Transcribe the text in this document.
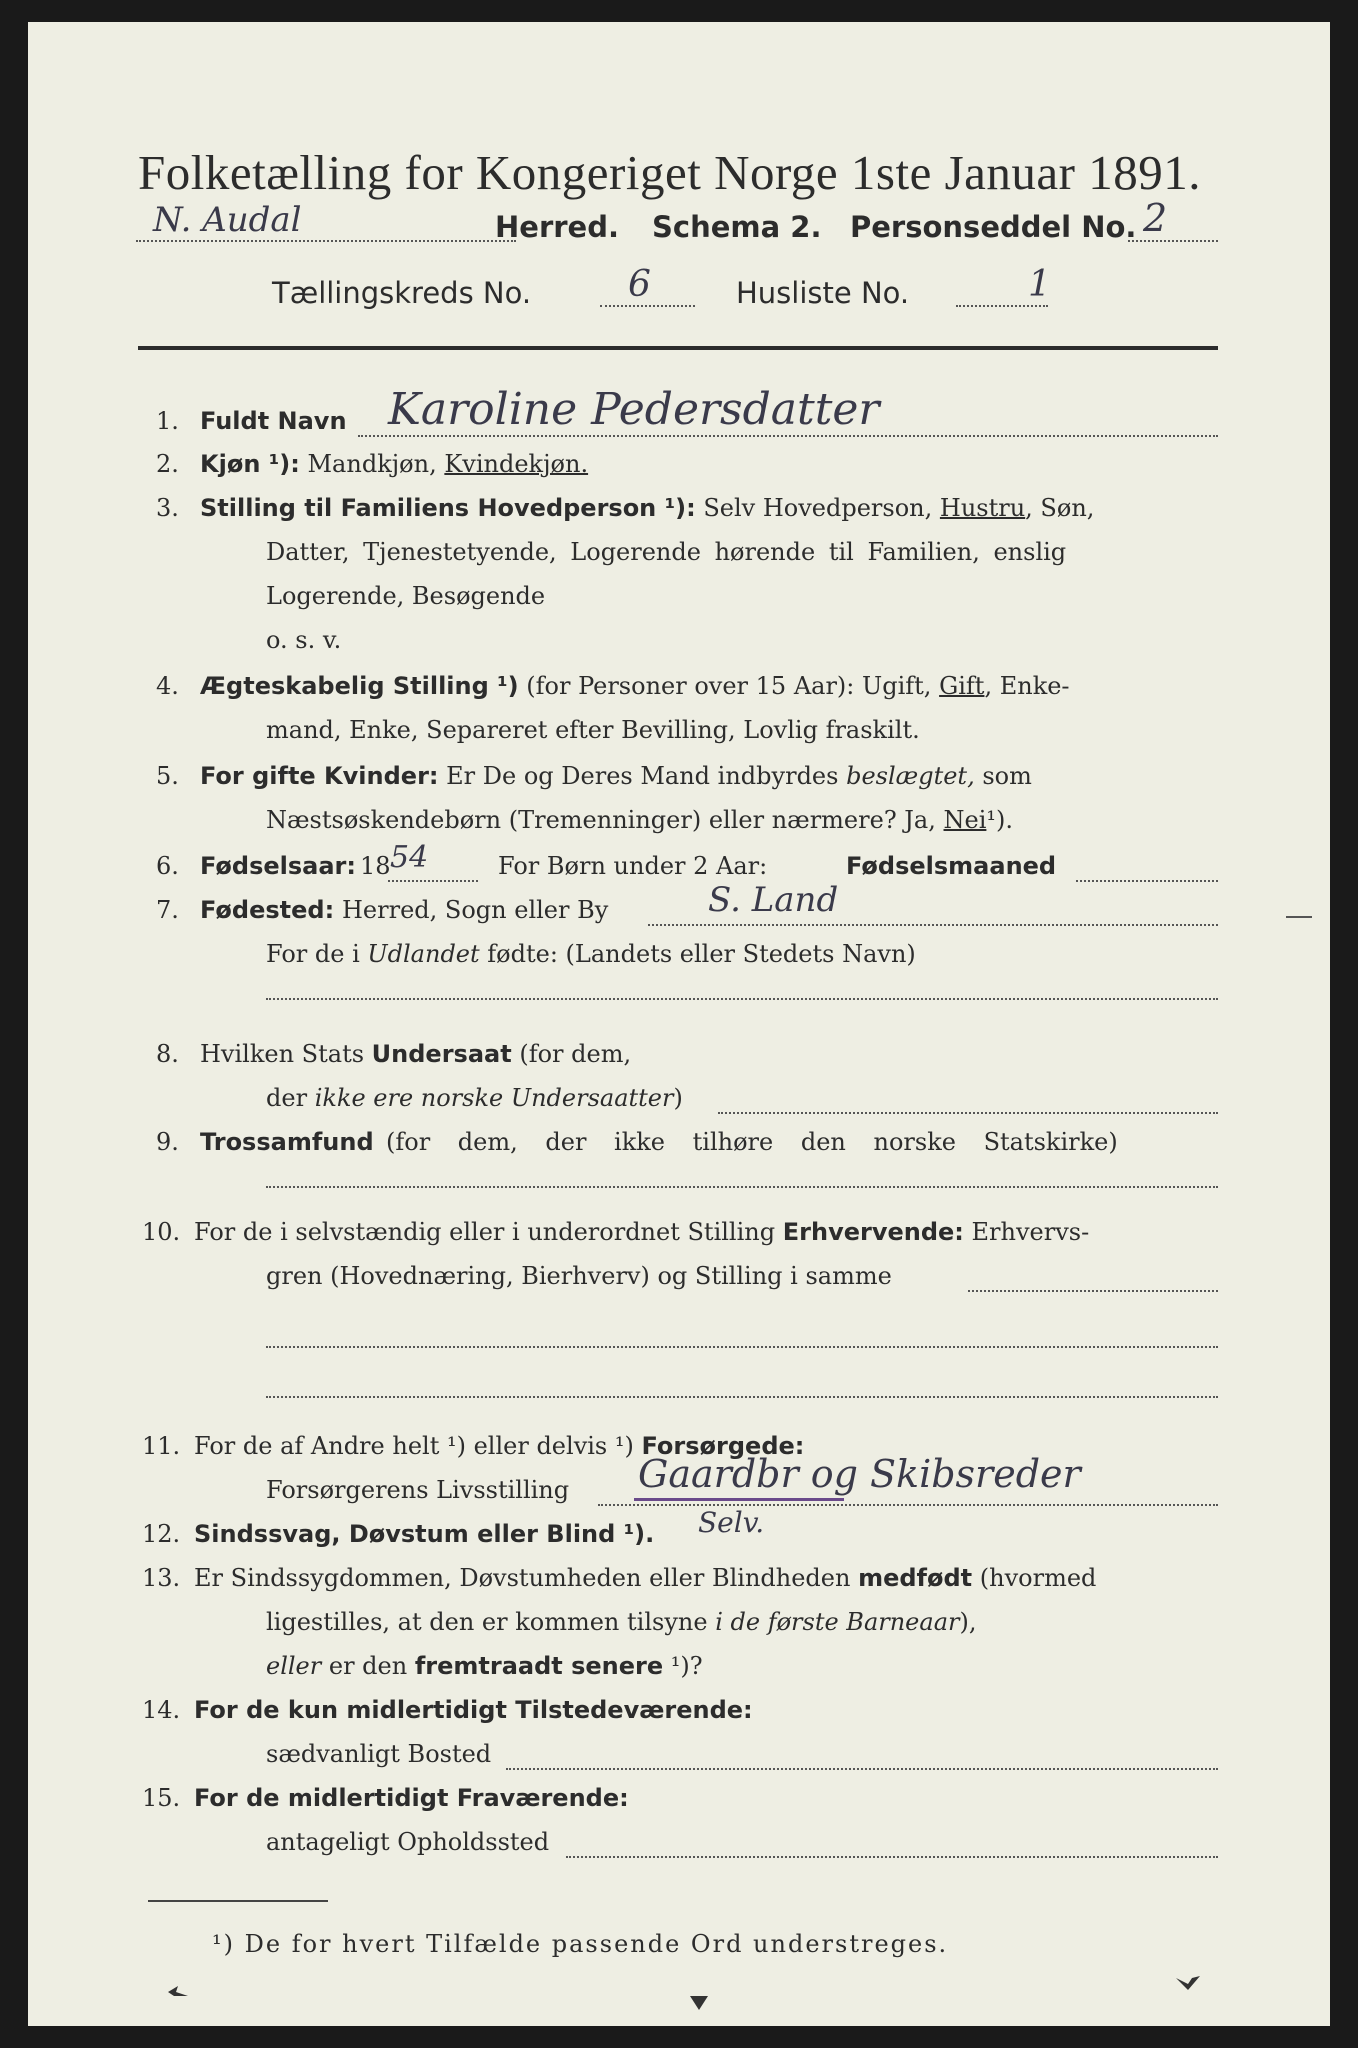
Folketælling for Kongeriget Norge 1ste Januar 1891.
N. Audal	Herred. Schema 2. Personseddel No. 2
Tællingskreds No.	6	Husliste No.	1
1. Fuldt Navn Karoline Pedersdatter
2. Kjøn ¹): Mandkjøn, Kvindekjøn.
3. Stilling til Familiens Hovedperson ¹): Selv Hovedperson, Hustru, Søn,
Datter, Tjenestetyende, Logerende hørende til Familien, enslig
Logerende, Besøgende
o. s. v.
4. Ægteskabelig Stilling ¹) (for Personer over 15 Aar): Ugift, Gift, Enke-
mand, Enke, Separeret efter Bevilling, Lovlig fraskilt.
5. For gifte Kvinder: Er De og Deres Mand indbyrdes beslægtet, som
Næstsøskendebørn (Tremenninger) eller nærmere? Ja, Nei¹).
6. Fødselsaar: 18 54	For Børn under 2 Aar:	Fødselsmaaned
7. Fødested: Herred, Sogn eller By	S. Land
For de i Udlandet fødte: (Landets eller Stedets Navn)
8. Hvilken Stats Undersaat (for dem,
der ikke ere norske Undersaatter)
9. Trossamfund (for dem, der ikke tilhøre den norske Statskirke)
10. For de i selvstændig eller i underordnet Stilling Erhvervende: Erhvervs-
gren (Hovednæring, Bierhverv) og Stilling i samme
11. For de af Andre helt ¹) eller delvis ¹) Forsørgede:
Forsørgerens Livsstilling Gaardbr og Skibsreder
12. Sindssvag, Døvstum eller Blind ¹). Selv.
13. Er Sindssygdommen, Døvstumheden eller Blindheden medfødt (hvormed
ligestilles, at den er kommen tilsyne i de første Barneaar),
eller er den fremtraadt senere ¹)?
14. For de kun midlertidigt Tilstedeværende:
sædvanligt Bosted
15. For de midlertidigt Fraværende:
antageligt Opholdssted
¹) De for hvert Tilfælde passende Ord understreges.
